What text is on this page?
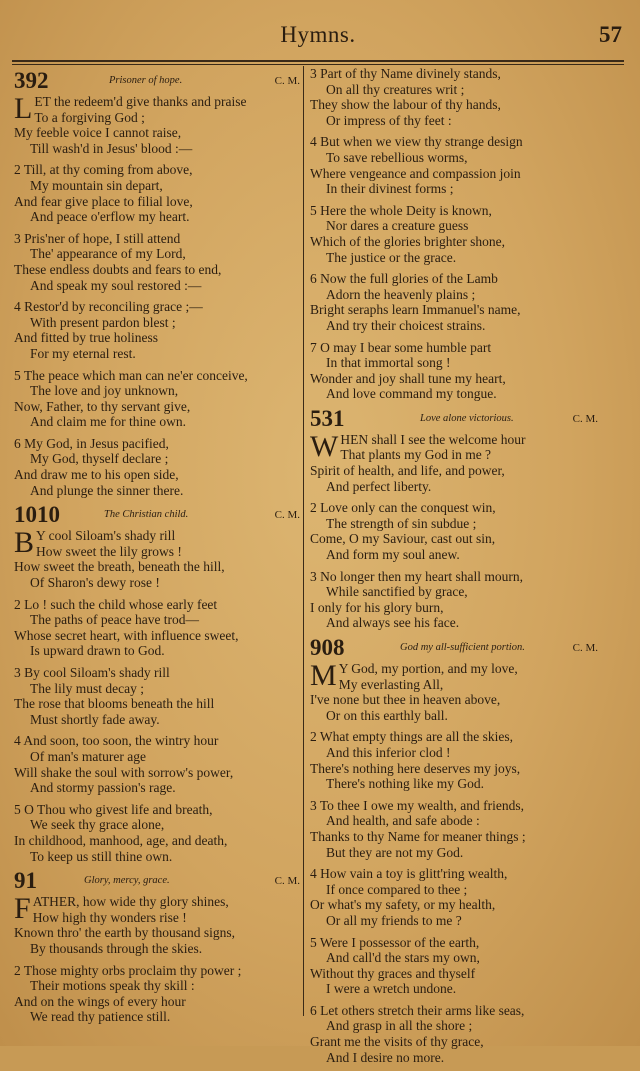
Hymns.	57
392	Prisoner of hope.	C. M.
L ET the redeem'd give thanks and praise
To a forgiving God ;
My feeble voice I cannot raise,
Till wash'd in Jesus' blood :—
2 Till, at thy coming from above,
My mountain sin depart,
And fear give place to filial love,
And peace o'erflow my heart.
3 Pris'ner of hope, I still attend
The' appearance of my Lord,
These endless doubts and fears to end,
And speak my soul restored :—
4 Restor'd by reconciling grace ;—
With present pardon blest ;
And fitted by true holiness
For my eternal rest.
5 The peace which man can ne'er conceive,
The love and joy unknown,
Now, Father, to thy servant give,
And claim me for thine own.
6 My God, in Jesus pacified,
My God, thyself declare ;
And draw me to his open side,
And plunge the sinner there.
1010	The Christian child.	C. M.
B Y cool Siloam's shady rill
How sweet the lily grows !
How sweet the breath, beneath the hill,
Of Sharon's dewy rose !
2 Lo ! such the child whose early feet
The paths of peace have trod—
Whose secret heart, with influence sweet,
Is upward drawn to God.
3 By cool Siloam's shady rill
The lily must decay ;
The rose that blooms beneath the hill
Must shortly fade away.
4 And soon, too soon, the wintry hour
Of man's maturer age
Will shake the soul with sorrow's power,
And stormy passion's rage.
5 O Thou who givest life and breath,
We seek thy grace alone,
In childhood, manhood, age, and death,
To keep us still thine own.
91	Glory, mercy, grace.	C. M.
F ATHER, how wide thy glory shines,
How high thy wonders rise !
Known thro' the earth by thousand signs,
By thousands through the skies.
2 Those mighty orbs proclaim thy power ;
Their motions speak thy skill :
And on the wings of every hour
We read thy patience still.
3 Part of thy Name divinely stands,
On all thy creatures writ ;
They show the labour of thy hands,
Or impress of thy feet :
4 But when we view thy strange design
To save rebellious worms,
Where vengeance and compassion join
In their divinest forms ;
5 Here the whole Deity is known,
Nor dares a creature guess
Which of the glories brighter shone,
The justice or the grace.
6 Now the full glories of the Lamb
Adorn the heavenly plains ;
Bright seraphs learn Immanuel's name,
And try their choicest strains.
7 O may I bear some humble part
In that immortal song !
Wonder and joy shall tune my heart,
And love command my tongue.
531	Love alone victorious.	C. M.
W HEN shall I see the welcome hour
That plants my God in me ?
Spirit of health, and life, and power,
And perfect liberty.
2 Love only can the conquest win,
The strength of sin subdue ;
Come, O my Saviour, cast out sin,
And form my soul anew.
3 No longer then my heart shall mourn,
While sanctified by grace,
I only for his glory burn,
And always see his face.
908	God my all-sufficient portion.	C. M.
M Y God, my portion, and my love,
My everlasting All,
I've none but thee in heaven above,
Or on this earthly ball.
2 What empty things are all the skies,
And this inferior clod !
There's nothing here deserves my joys,
There's nothing like my God.
3 To thee I owe my wealth, and friends,
And health, and safe abode :
Thanks to thy Name for meaner things ;
But they are not my God.
4 How vain a toy is glitt'ring wealth,
If once compared to thee ;
Or what's my safety, or my health,
Or all my friends to me ?
5 Were I possessor of the earth,
And call'd the stars my own,
Without thy graces and thyself
I were a wretch undone.
6 Let others stretch their arms like seas,
And grasp in all the shore ;
Grant me the visits of thy grace,
And I desire no more.
